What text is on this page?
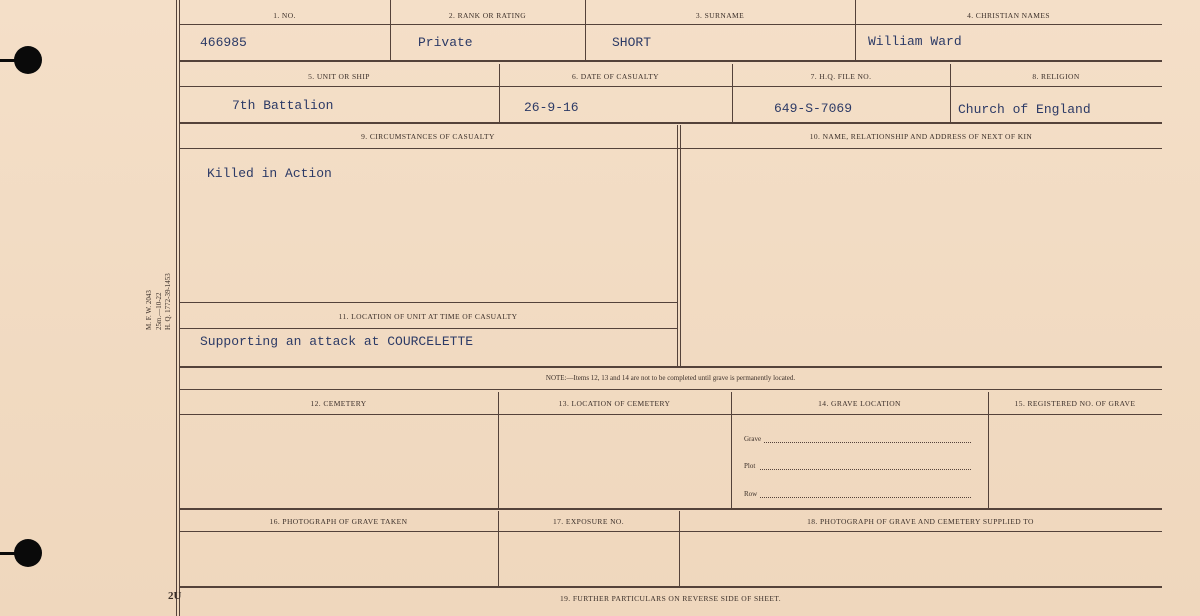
M. F. W. 2043 25m.—10-22 H. Q. 1772-39-1453
1. NO.	2. RANK OR RATING	3. SURNAME	4. CHRISTIAN NAMES
466985	Private	SHORT	William Ward
5. UNIT OR SHIP	6. DATE OF CASUALTY	7. H.Q. FILE NO.	8. RELIGION
7th Battalion	26-9-16	649-S-7069	Church of England
9. CIRCUMSTANCES OF CASUALTY	10. NAME, RELATIONSHIP AND ADDRESS OF NEXT OF KIN
Killed in Action
11. LOCATION OF UNIT AT TIME OF CASUALTY
Supporting an attack at COURCELETTE
NOTE:—Items 12, 13 and 14 are not to be completed until grave is permanently located.
12. CEMETERY	13. LOCATION OF CEMETERY	14. GRAVE LOCATION	15. REGISTERED NO. OF GRAVE
Grave
Plot
Row
16. PHOTOGRAPH OF GRAVE TAKEN	17. EXPOSURE NO.	18. PHOTOGRAPH OF GRAVE AND CEMETERY SUPPLIED TO
19. FURTHER PARTICULARS ON REVERSE SIDE OF SHEET.
2U
